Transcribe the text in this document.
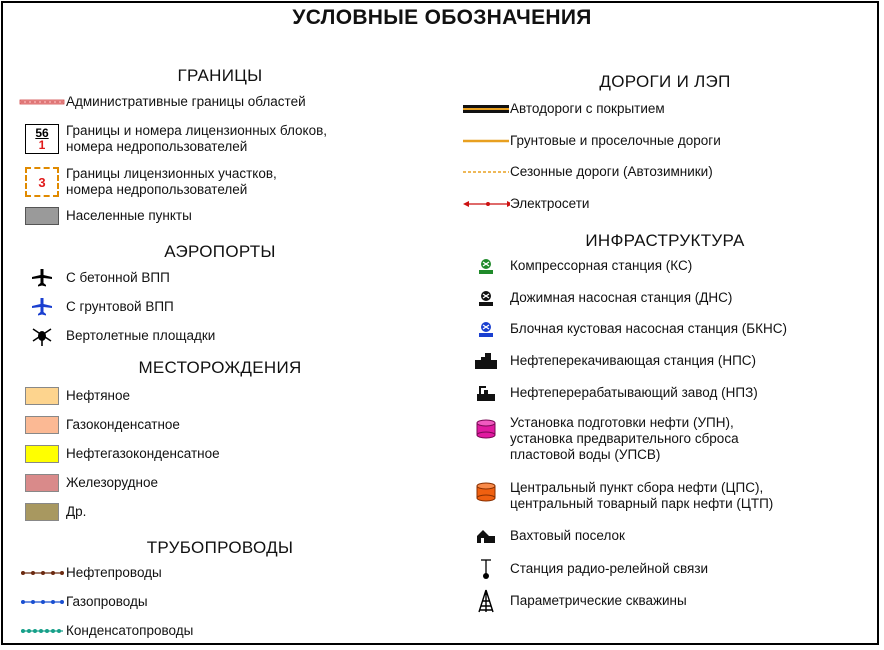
УСЛОВНЫЕ ОБОЗНАЧЕНИЯ
ГРАНИЦЫ
Административные границы областей
56
1
Границы и номера лицензионных блоков,
номера недропользователей
3
Границы лицензионных участков,
номера недропользователей
Населенные пункты
АЭРОПОРТЫ
С бетонной ВПП
С грунтовой ВПП
Вертолетные площадки
МЕСТОРОЖДЕНИЯ
Нефтяное
Газоконденсатное
Нефтегазоконденсатное
Железорудное
Др.
ТРУБОПРОВОДЫ
Нефтепроводы
Газопроводы
Конденсатопроводы
ДОРОГИ И ЛЭП
Автодороги с покрытием
Грунтовые и проселочные дороги
Сезонные дороги (Автозимники)
Электросети
ИНФРАСТРУКТУРА
Компрессорная станция (КС)
Дожимная насосная станция (ДНС)
Блочная кустовая насосная станция (БКНС)
Нефтеперекачивающая станция (НПС)
Нефтеперерабатывающий завод (НПЗ)
Установка подготовки нефти (УПН),
установка предварительного сброса
пластовой воды (УПСВ)
Центральный пункт сбора нефти (ЦПС),
центральный товарный парк нефти (ЦТП)
Вахтовый поселок
Станция радио-релейной связи
Параметрические скважины
